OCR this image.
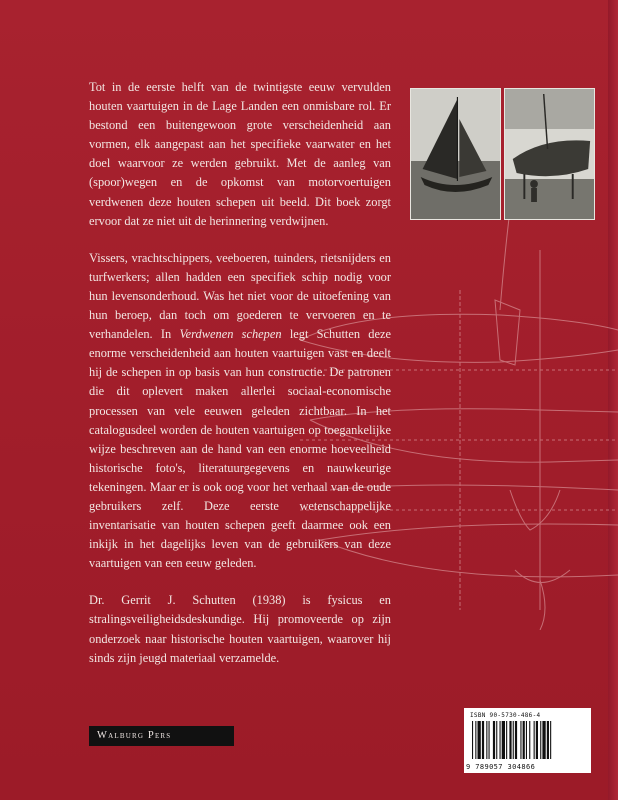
Tot in de eerste helft van de twintigste eeuw vervulden houten vaartuigen in de Lage Landen een onmisbare rol. Er bestond een buitengewoon grote verscheidenheid aan vormen, elk aangepast aan het specifieke vaarwater en het doel waarvoor ze werden gebruikt. Met de aanleg van (spoor)wegen en de opkomst van motorvoertuigen verdwenen deze houten schepen uit beeld. Dit boek zorgt ervoor dat ze niet uit de herinnering verdwijnen.

Vissers, vrachtschippers, veeboeren, tuinders, rietsnijders en turfwerkers; allen hadden een specifiek schip nodig voor hun levensonderhoud. Was het niet voor de uitoefening van hun beroep, dan toch om goederen te vervoeren en te verhandelen. In Verdwenen schepen legt Schutten deze enorme verscheidenheid aan houten vaartuigen vast en deelt hij de schepen in op basis van hun constructie. De patronen die dit oplevert maken allerlei sociaal-economische processen van vele eeuwen geleden zichtbaar. In het catalogusdeel worden de houten vaartuigen op toegankelijke wijze beschreven aan de hand van een enorme hoeveelheid historische foto's, literatuurgegevens en nauwkeurige tekeningen. Maar er is ook oog voor het verhaal van de oude gebruikers zelf. Deze eerste wetenschappelijke inventarisatie van houten schepen geeft daarmee ook een inkijk in het dagelijks leven van de gebruikers van deze vaartuigen van een eeuw geleden.

Dr. Gerrit J. Schutten (1938) is fysicus en stralingsveiligheidsdeskundige. Hij promoveerde op zijn onderzoek naar historische houten vaartuigen, waarover hij sinds zijn jeugd materiaal verzamelde.

Walburg Pers
ISBN 90-5730-486-4
9 789057 304866
